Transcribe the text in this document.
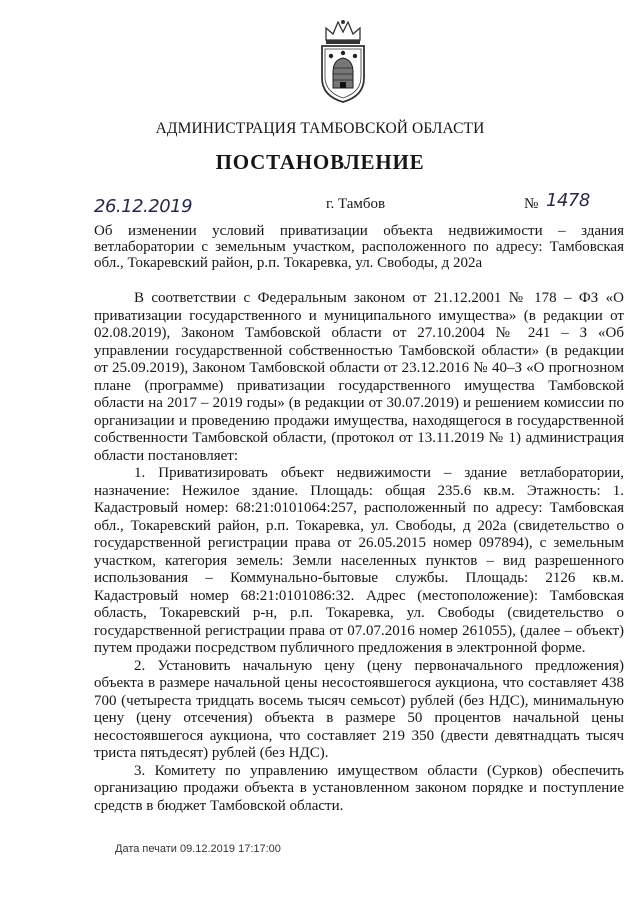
АДМИНИСТРАЦИЯ ТАМБОВСКОЙ ОБЛАСТИ
ПОСТАНОВЛЕНИЕ
26.12.2019	г. Тамбов	№ 1478
Об изменении условий приватизации объекта недвижимости – здания ветлаборатории с земельным участком, расположенного по адресу: Тамбовская обл., Токаревский район, р.п. Токаревка, ул. Свободы, д 202а

В соответствии с Федеральным законом от 21.12.2001 № 178 – ФЗ «О приватизации государственного и муниципального имущества» (в редакции от 02.08.2019), Законом Тамбовской области от 27.10.2004 № 241 – З «Об управлении государственной собственностью Тамбовской области» (в редакции от 25.09.2019), Законом Тамбовской области от 23.12.2016 № 40–З «О прогнозном плане (программе) приватизации государственного имущества Тамбовской области на 2017 – 2019 годы» (в редакции от 30.07.2019) и решением комиссии по организации и проведению продажи имущества, находящегося в государственной собственности Тамбовской области, (протокол от 13.11.2019 № 1) администрация области постановляет:

1. Приватизировать объект недвижимости – здание ветлаборатории, назначение: Нежилое здание. Площадь: общая 235.6 кв.м. Этажность: 1. Кадастровый номер: 68:21:0101064:257, расположенный по адресу: Тамбовская обл., Токаревский район, р.п. Токаревка, ул. Свободы, д 202а (свидетельство о государственной регистрации права от 26.05.2015 номер 097894), с земельным участком, категория земель: Земли населенных пунктов – вид разрешенного использования – Коммунально-бытовые службы. Площадь: 2126 кв.м. Кадастровый номер 68:21:0101086:32. Адрес (местоположение): Тамбовская область, Токаревский р-н, р.п. Токаревка, ул. Свободы (свидетельство о государственной регистрации права от 07.07.2016 номер 261055), (далее – объект) путем продажи посредством публичного предложения в электронной форме.

2. Установить начальную цену (цену первоначального предложения) объекта в размере начальной цены несостоявшегося аукциона, что составляет 438 700 (четыреста тридцать восемь тысяч семьсот) рублей (без НДС), минимальную цену (цену отсечения) объекта в размере 50 процентов начальной цены несостоявшегося аукциона, что составляет 219 350 (двести девятнадцать тысяч триста пятьдесят) рублей (без НДС).

3. Комитету по управлению имуществом области (Сурков) обеспечить организацию продажи объекта в установленном законом порядке и поступление средств в бюджет Тамбовской области.

Дата печати 09.12.2019 17:17:00
